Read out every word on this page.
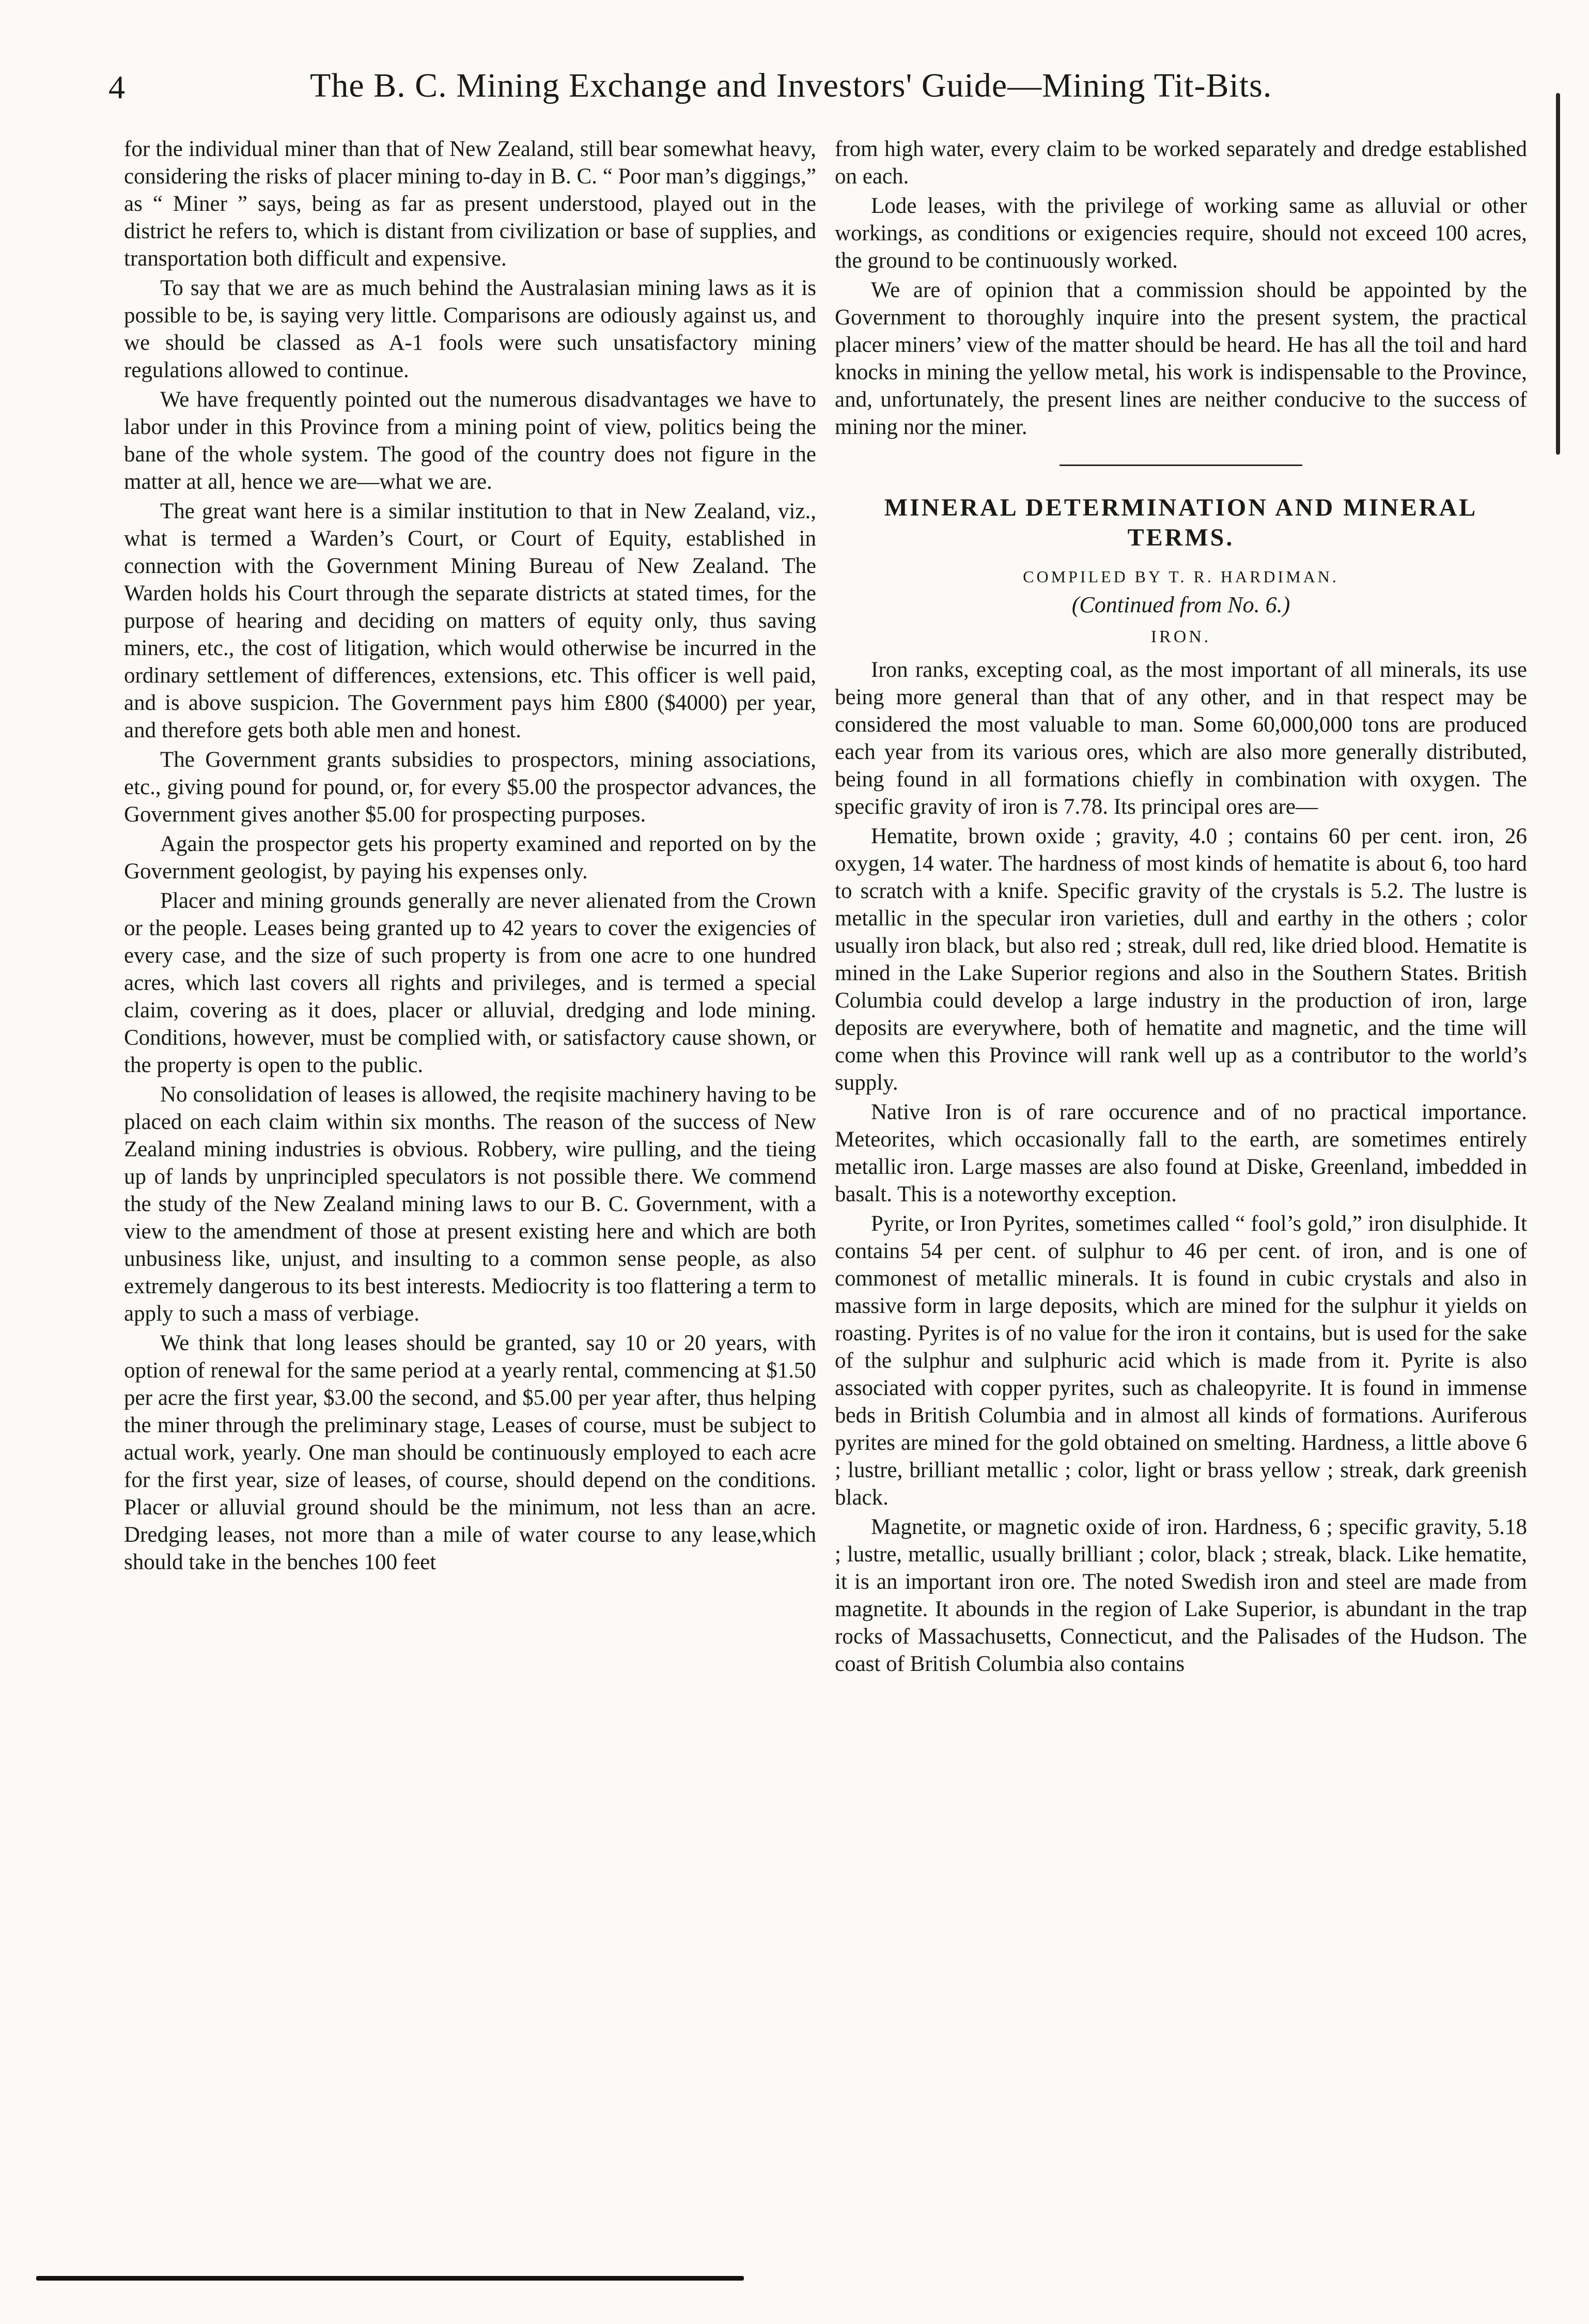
4	The B. C. Mining Exchange and Investors' Guide—Mining Tit-Bits.

for the individual miner than that of New Zealand, still bear somewhat heavy, considering the risks of placer mining to-day in B. C. “ Poor man’s diggings,” as “ Miner ” says, being as far as present understood, played out in the district he refers to, which is distant from civilization or base of supplies, and transportation both difficult and expensive.

To say that we are as much behind the Australasian mining laws as it is possible to be, is saying very little. Comparisons are odiously against us, and we should be classed as A-1 fools were such unsatisfactory mining regulations allowed to continue.

We have frequently pointed out the numerous disadvantages we have to labor under in this Province from a mining point of view, politics being the bane of the whole system. The good of the country does not figure in the matter at all, hence we are—what we are.

The great want here is a similar institution to that in New Zealand, viz., what is termed a Warden’s Court, or Court of Equity, established in connection with the Government Mining Bureau of New Zealand. The Warden holds his Court through the separate districts at stated times, for the purpose of hearing and deciding on matters of equity only, thus saving miners, etc., the cost of litigation, which would otherwise be incurred in the ordinary settlement of differences, extensions, etc. This officer is well paid, and is above suspicion. The Government pays him £800 ($4000) per year, and therefore gets both able men and honest.

The Government grants subsidies to prospectors, mining associations, etc., giving pound for pound, or, for every $5.00 the prospector advances, the Government gives another $5.00 for prospecting purposes.

Again the prospector gets his property examined and reported on by the Government geologist, by paying his expenses only.

Placer and mining grounds generally are never alienated from the Crown or the people. Leases being granted up to 42 years to cover the exigencies of every case, and the size of such property is from one acre to one hundred acres, which last covers all rights and privileges, and is termed a special claim, covering as it does, placer or alluvial, dredging and lode mining. Conditions, however, must be complied with, or satisfactory cause shown, or the property is open to the public.

No consolidation of leases is allowed, the reqisite machinery having to be placed on each claim within six months. The reason of the success of New Zealand mining industries is obvious. Robbery, wire pulling, and the tieing up of lands by unprincipled speculators is not possible there. We commend the study of the New Zealand mining laws to our B. C. Government, with a view to the amendment of those at present existing here and which are both unbusiness like, unjust, and insulting to a common sense people, as also extremely dangerous to its best interests. Mediocrity is too flattering a term to apply to such a mass of verbiage.

We think that long leases should be granted, say 10 or 20 years, with option of renewal for the same period at a yearly rental, commencing at $1.50 per acre the first year, $3.00 the second, and $5.00 per year after, thus helping the miner through the preliminary stage, Leases of course, must be subject to actual work, yearly. One man should be continuously employed to each acre for the first year, size of leases, of course, should depend on the conditions. Placer or alluvial ground should be the minimum, not less than an acre. Dredging leases, not more than a mile of water course to any lease,which should take in the benches 100 feet

from high water, every claim to be worked separately and dredge established on each.

Lode leases, with the privilege of working same as alluvial or other workings, as conditions or exigencies require, should not exceed 100 acres, the ground to be continuously worked.

We are of opinion that a commission should be appointed by the Government to thoroughly inquire into the present system, the practical placer miners’ view of the matter should be heard. He has all the toil and hard knocks in mining the yellow metal, his work is indispensable to the Province, and, unfortunately, the present lines are neither conducive to the success of mining nor the miner.

MINERAL DETERMINATION AND MINERAL TERMS.
COMPILED BY T. R. HARDIMAN.
(Continued from No. 6.)
IRON.

Iron ranks, excepting coal, as the most important of all minerals, its use being more general than that of any other, and in that respect may be considered the most valuable to man. Some 60,000,000 tons are produced each year from its various ores, which are also more generally distributed, being found in all formations chiefly in combination with oxygen. The specific gravity of iron is 7.78. Its principal ores are—

Hematite, brown oxide ; gravity, 4.0 ; contains 60 per cent. iron, 26 oxygen, 14 water. The hardness of most kinds of hematite is about 6, too hard to scratch with a knife. Specific gravity of the crystals is 5.2. The lustre is metallic in the specular iron varieties, dull and earthy in the others ; color usually iron black, but also red ; streak, dull red, like dried blood. Hematite is mined in the Lake Superior regions and also in the Southern States. British Columbia could develop a large industry in the production of iron, large deposits are everywhere, both of hematite and magnetic, and the time will come when this Province will rank well up as a contributor to the world’s supply.

Native Iron is of rare occurence and of no practical importance. Meteorites, which occasionally fall to the earth, are sometimes entirely metallic iron. Large masses are also found at Diske, Greenland, imbedded in basalt. This is a noteworthy exception.

Pyrite, or Iron Pyrites, sometimes called “ fool’s gold,” iron disulphide. It contains 54 per cent. of sulphur to 46 per cent. of iron, and is one of commonest of metallic minerals. It is found in cubic crystals and also in massive form in large deposits, which are mined for the sulphur it yields on roasting. Pyrites is of no value for the iron it contains, but is used for the sake of the sulphur and sulphuric acid which is made from it. Pyrite is also associated with copper pyrites, such as chaleopyrite. It is found in immense beds in British Columbia and in almost all kinds of formations. Auriferous pyrites are mined for the gold obtained on smelting. Hardness, a little above 6 ; lustre, brilliant metallic ; color, light or brass yellow ; streak, dark greenish black.

Magnetite, or magnetic oxide of iron. Hardness, 6 ; specific gravity, 5.18 ; lustre, metallic, usually brilliant ; color, black ; streak, black. Like hematite, it is an important iron ore. The noted Swedish iron and steel are made from magnetite. It abounds in the region of Lake Superior, is abundant in the trap rocks of Massachusetts, Connecticut, and the Palisades of the Hudson. The coast of British Columbia also contains
